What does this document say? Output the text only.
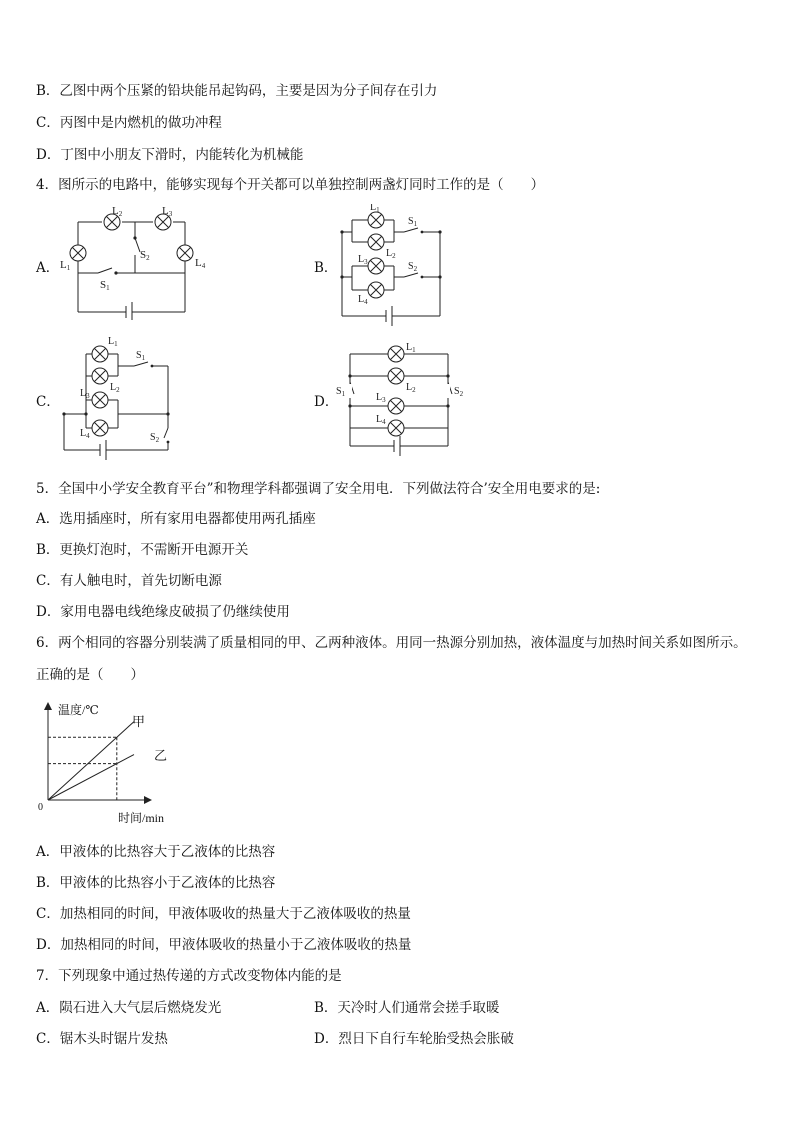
B．乙图中两个压紧的铅块能吊起钩码，主要是因为分子间存在引力
C．丙图中是内燃机的做功冲程
D．丁图中小朋友下滑时，内能转化为机械能
4．图所示的电路中，能够实现每个开关都可以单独控制两盏灯同时工作的是（　　）
A．
L2	L3
L1	L4
S2
S1
B．
$L_1$
$L_2$
$L_3$
$L_4$
$S_1$
$S_2$
C．
$L_1$
$L_2$
$L_3$
$L_4$
$S_1$
$S_2$
D．
$L_1$
$L_2$
$L_3$
$L_4$
$S_1$	$S_2$
5．全国中小学安全教育平台”和物理学科都强调了安全用电．下列做法符合’安全用电要求的是:
A．选用插座时，所有家用电器都使用两孔插座
B．更换灯泡时，不需断开电源开关
C．有人触电时，首先切断电源
D．家用电器电线绝缘皮破损了仍继续使用
6．两个相同的容器分别装满了质量相同的甲、乙两种液体。用同一热源分别加热，液体温度与加热时间关系如图所示。
正确的是（　　）
温度/℃
时间/min
0
甲
乙
A．甲液体的比热容大于乙液体的比热容
B．甲液体的比热容小于乙液体的比热容
C．加热相同的时间，甲液体吸收的热量大于乙液体吸收的热量
D．加热相同的时间，甲液体吸收的热量小于乙液体吸收的热量
7．下列现象中通过热传递的方式改变物体内能的是
A．陨石进入大气层后燃烧发光	B．天冷时人们通常会搓手取暖
C．锯木头时锯片发热	D．烈日下自行车轮胎受热会胀破
